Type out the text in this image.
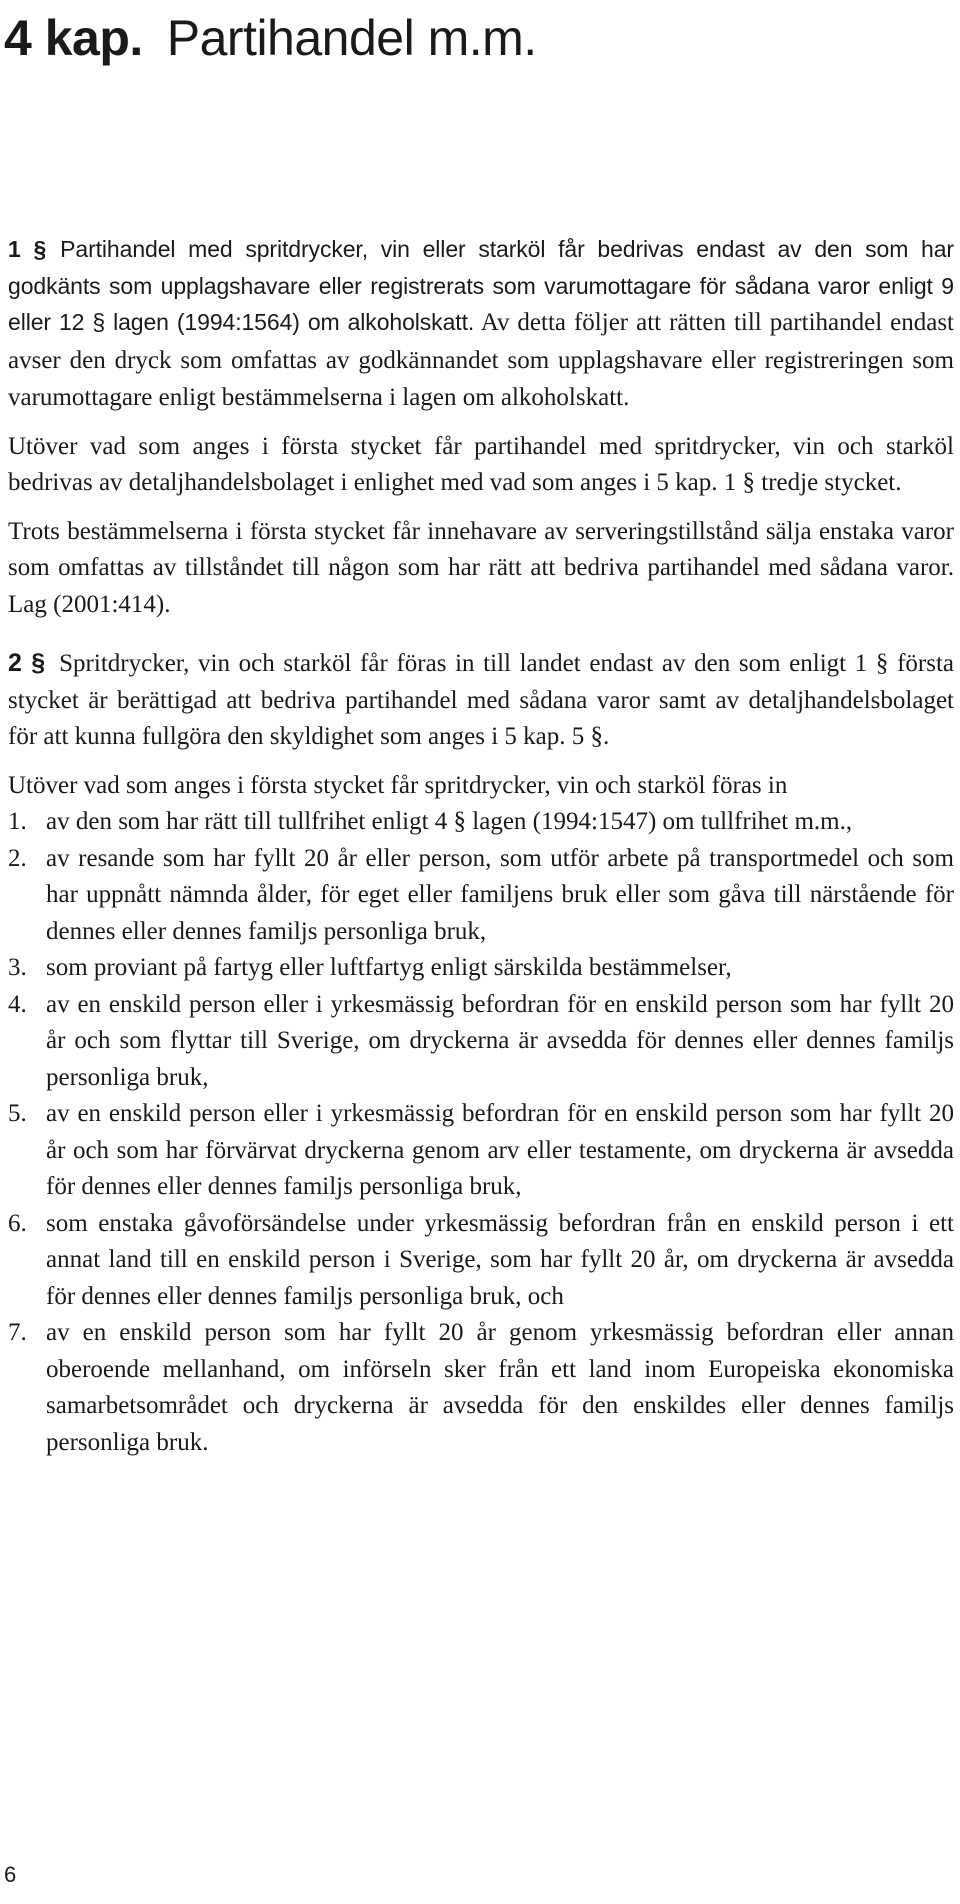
4 kap. Partihandel m.m.

1 § Partihandel med spritdrycker, vin eller starköl får bedrivas endast av den som har godkänts som upplagshavare eller registrerats som varumottagare för sådana varor enligt 9 eller 12 § lagen (1994:1564) om alkoholskatt. Av detta följer att rätten till partihandel endast avser den dryck som omfattas av godkännandet som upplagshavare eller registreringen som varumottagare enligt bestämmelserna i lagen om alkoholskatt.

Utöver vad som anges i första stycket får partihandel med spritdrycker, vin och starköl bedrivas av detaljhandelsbolaget i enlighet med vad som anges i 5 kap. 1 § tredje stycket.

Trots bestämmelserna i första stycket får innehavare av serveringstillstånd sälja enstaka varor som omfattas av tillståndet till någon som har rätt att bedriva partihandel med sådana varor. Lag (2001:414).

2 § Spritdrycker, vin och starköl får föras in till landet endast av den som enligt 1 § första stycket är berättigad att bedriva partihandel med sådana varor samt av detaljhandelsbolaget för att kunna fullgöra den skyldighet som anges i 5 kap. 5 §.

Utöver vad som anges i första stycket får spritdrycker, vin och starköl föras in

1. av den som har rätt till tullfrihet enligt 4 § lagen (1994:1547) om tullfrihet m.m.,
2. av resande som har fyllt 20 år eller person, som utför arbete på transportmedel och som har uppnått nämnda ålder, för eget eller familjens bruk eller som gåva till närstående för dennes eller dennes familjs personliga bruk,
3. som proviant på fartyg eller luftfartyg enligt särskilda bestämmelser,
4. av en enskild person eller i yrkesmässig befordran för en enskild person som har fyllt 20 år och som flyttar till Sverige, om dryckerna är avsedda för dennes eller dennes familjs personliga bruk,
5. av en enskild person eller i yrkesmässig befordran för en enskild person som har fyllt 20 år och som har förvärvat dryckerna genom arv eller testamente, om dryckerna är avsedda för dennes eller dennes familjs personliga bruk,
6. som enstaka gåvoförsändelse under yrkesmässig befordran från en enskild person i ett annat land till en enskild person i Sverige, som har fyllt 20 år, om dryckerna är avsedda för dennes eller dennes familjs personliga bruk, och
7. av en enskild person som har fyllt 20 år genom yrkesmässig befordran eller annan oberoende mellanhand, om införseln sker från ett land inom Europeiska ekonomiska samarbetsområdet och dryckerna är avsedda för den enskildes eller dennes familjs personliga bruk.
6
